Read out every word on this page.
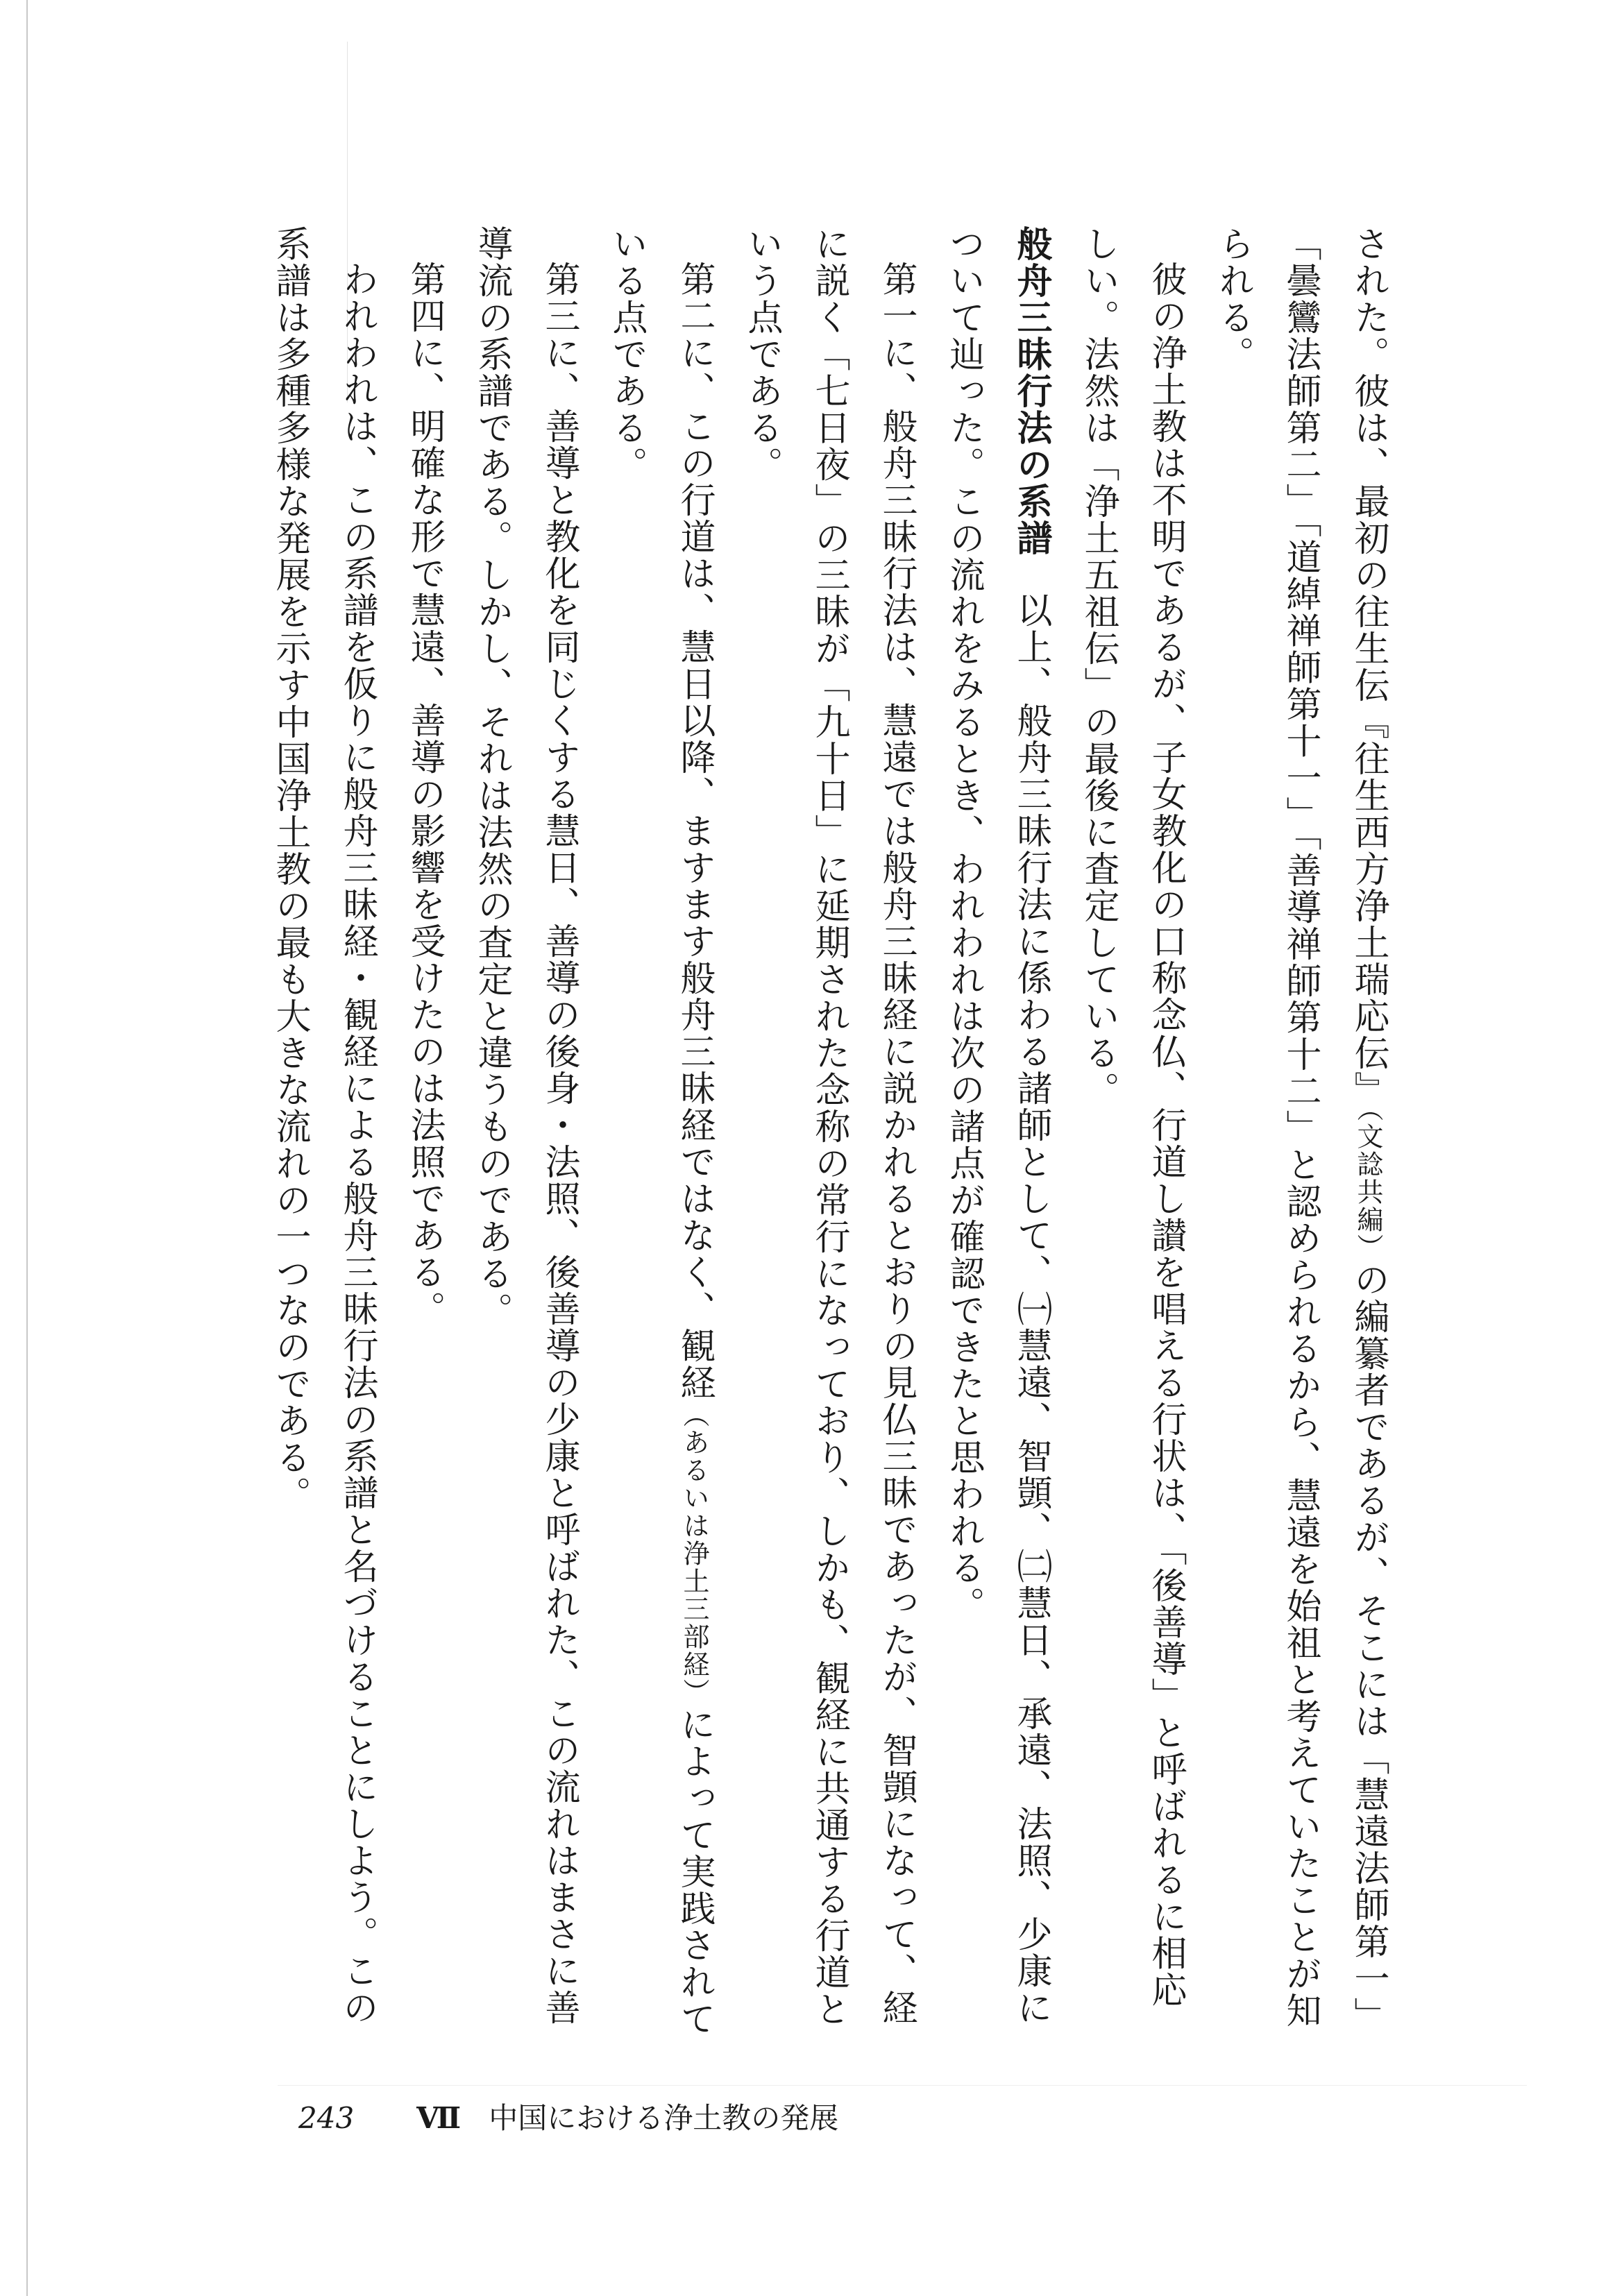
された。彼は、最初の往生伝『往生西方浄土瑞応伝』（文諗共編）の編纂者であるが、そこには「慧遠法師第一」「曇鸞法師第二」「道綽禅師第十一」「善導禅師第十二」と認められるから、慧遠を始祖と考えていたことが知られる。

彼の浄土教は不明であるが、子女教化の口称念仏、行道し讃を唱える行状は、「後善導」と呼ばれるに相応しい。法然は「浄土五祖伝」の最後に査定している。

般舟三昧行法の系譜以上、般舟三昧行法に係わる諸師として、㈠慧遠、智顗、㈡慧日、承遠、法照、少康について辿った。この流れをみるとき、われわれは次の諸点が確認できたと思われる。

第一に、般舟三昧行法は、慧遠では般舟三昧経に説かれるとおりの見仏三昧であったが、智顗になって、経に説く「七日夜」の三昧が「九十日」に延期された念称の常行になっており、しかも、観経に共通する行道という点である。

第二に、この行道は、慧日以降、ますます般舟三昧経ではなく、観経（あるいは浄土三部経）によって実践されている点である。

第三に、善導と教化を同じくする慧日、善導の後身・法照、後善導の少康と呼ばれた、この流れはまさに善導流の系譜である。しかし、それは法然の査定と違うものである。

第四に、明確な形で慧遠、善導の影響を受けたのは法照である。

われわれは、この系譜を仮りに般舟三昧経・観経による般舟三昧行法の系譜と名づけることにしよう。この系譜は多種多様な発展を示す中国浄土教の最も大きな流れの一つなのである。

243 Ⅶ 中国における浄土教の発展
